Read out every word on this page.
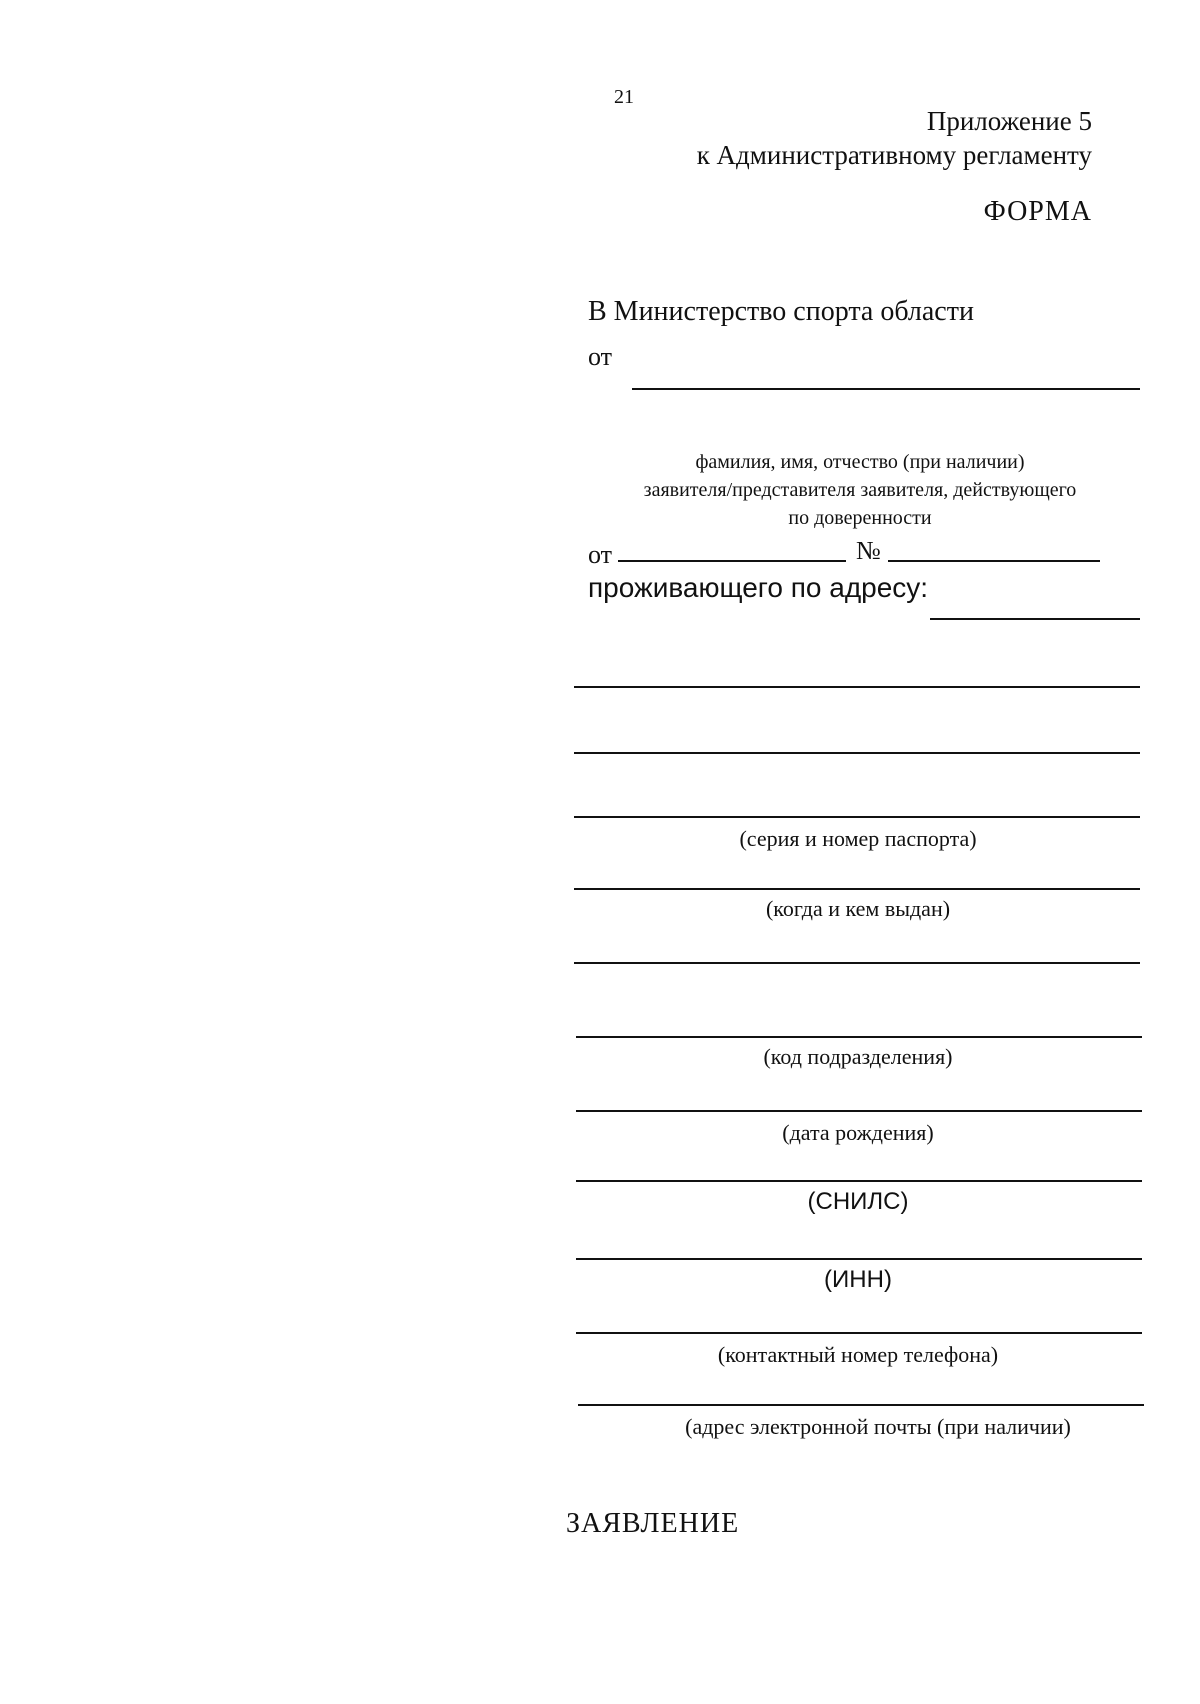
21
Приложение 5
к Административному регламенту
ФОРМА
В Министерство спорта области
от
фамилия, имя, отчество (при наличии)
заявителя/представителя заявителя, действующего
по доверенности
от	№
проживающего по адресу:
(серия и номер паспорта)
(когда и кем выдан)
(код подразделения)
(дата рождения)
(СНИЛС)
(ИНН)
(контактный номер телефона)
(адрес электронной почты (при наличии)
ЗАЯВЛЕНИЕ
